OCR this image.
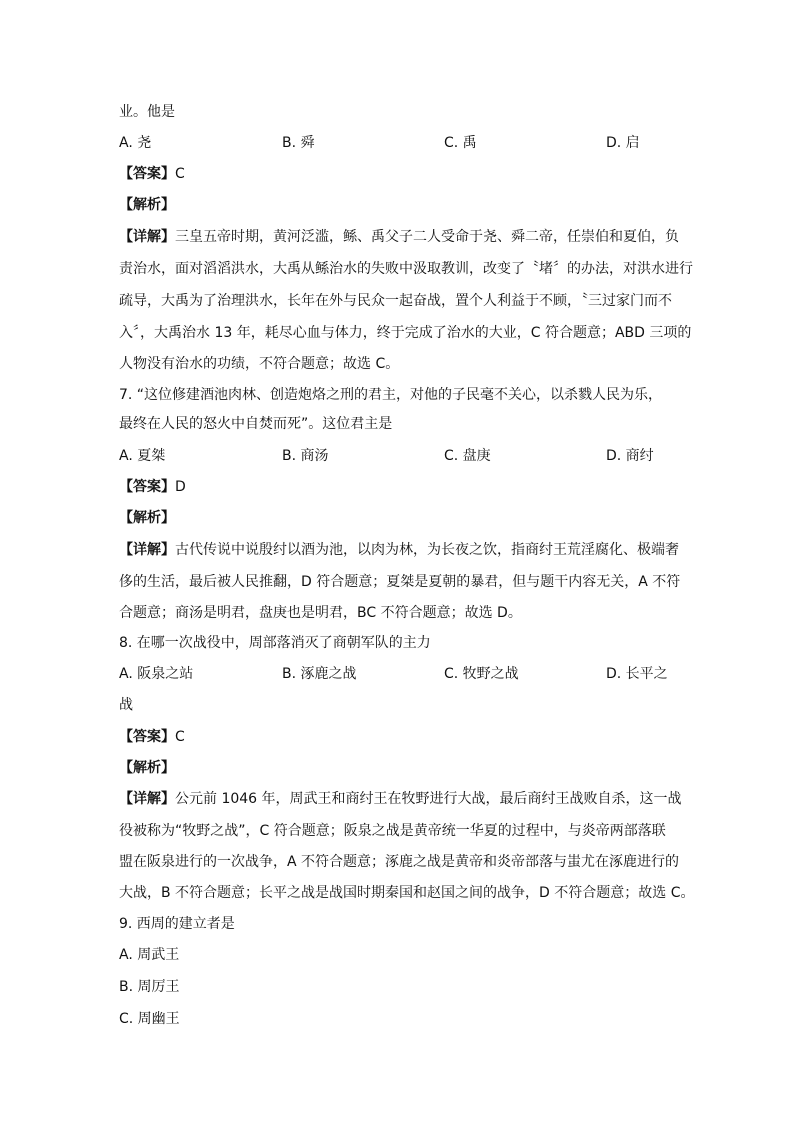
业。他是
A. 尧	B. 舜	C. 禹	D. 启
【答案】C
【解析】
【详解】三皇五帝时期，黄河泛滥，鲧、禹父子二人受命于尧、舜二帝，任崇伯和夏伯，负
责治水，面对滔滔洪水，大禹从鲧治水的失败中汲取教训，改变了〝堵〞的办法，对洪水进行
疏导，大禹为了治理洪水，长年在外与民众一起奋战，置个人利益于不顾，〝三过家门而不
入〞，大禹治水 13 年，耗尽心血与体力，终于完成了治水的大业，C 符合题意；ABD 三项的
人物没有治水的功绩，不符合题意；故选 C。
7. “这位修建酒池肉林、创造炮烙之刑的君主，对他的子民毫不关心，以杀戮人民为乐，
最终在人民的怒火中自焚而死”。这位君主是
A. 夏桀	B. 商汤	C. 盘庚	D. 商纣
【答案】D
【解析】
【详解】古代传说中说殷纣以酒为池，以肉为林，为长夜之饮，指商纣王荒淫腐化、极端奢
侈的生活，最后被人民推翻，D 符合题意；夏桀是夏朝的暴君，但与题干内容无关，A 不符
合题意；商汤是明君，盘庚也是明君，BC 不符合题意；故选 D。
8. 在哪一次战役中，周部落消灭了商朝军队的主力
A. 阪泉之站	B. 涿鹿之战	C. 牧野之战	D. 长平之
战
【答案】C
【解析】
【详解】公元前 1046 年，周武王和商纣王在牧野进行大战，最后商纣王战败自杀，这一战
役被称为“牧野之战”，C 符合题意；阪泉之战是黄帝统一华夏的过程中，与炎帝两部落联
盟在阪泉进行的一次战争，A 不符合题意；涿鹿之战是黄帝和炎帝部落与蚩尤在涿鹿进行的
大战，B 不符合题意；长平之战是战国时期秦国和赵国之间的战争，D 不符合题意；故选 C。
9. 西周的建立者是
A. 周武王
B. 周厉王
C. 周幽王
